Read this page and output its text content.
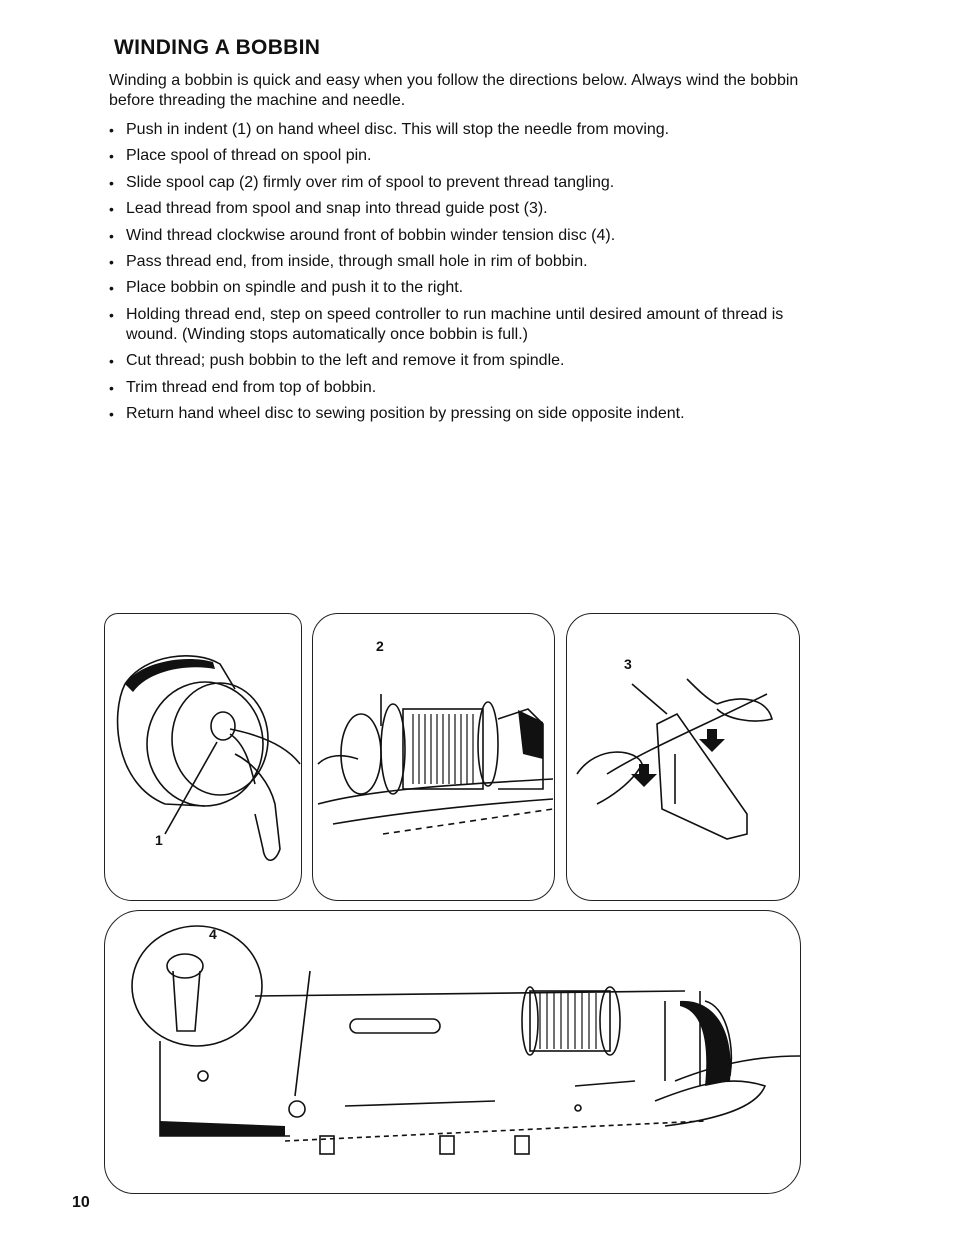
WINDING A BOBBIN
Winding a bobbin is quick and easy when you follow the directions below. Always wind the bobbin before threading the machine and needle.
• Push in indent (1) on hand wheel disc. This will stop the needle from moving.
• Place spool of thread on spool pin.
• Slide spool cap (2) firmly over rim of spool to prevent thread tangling.
• Lead thread from spool and snap into thread guide post (3).
• Wind thread clockwise around front of bobbin winder tension disc (4).
• Pass thread end, from inside, through small hole in rim of bobbin.
• Place bobbin on spindle and push it to the right.
• Holding thread end, step on speed controller to run machine until desired amount of thread is wound. (Winding stops automatically once bobbin is full.)
• Cut thread; push bobbin to the left and remove it from spindle.
• Trim thread end from top of bobbin.
• Return hand wheel disc to sewing position by pressing on side opposite indent.
1
2
3
4
10
